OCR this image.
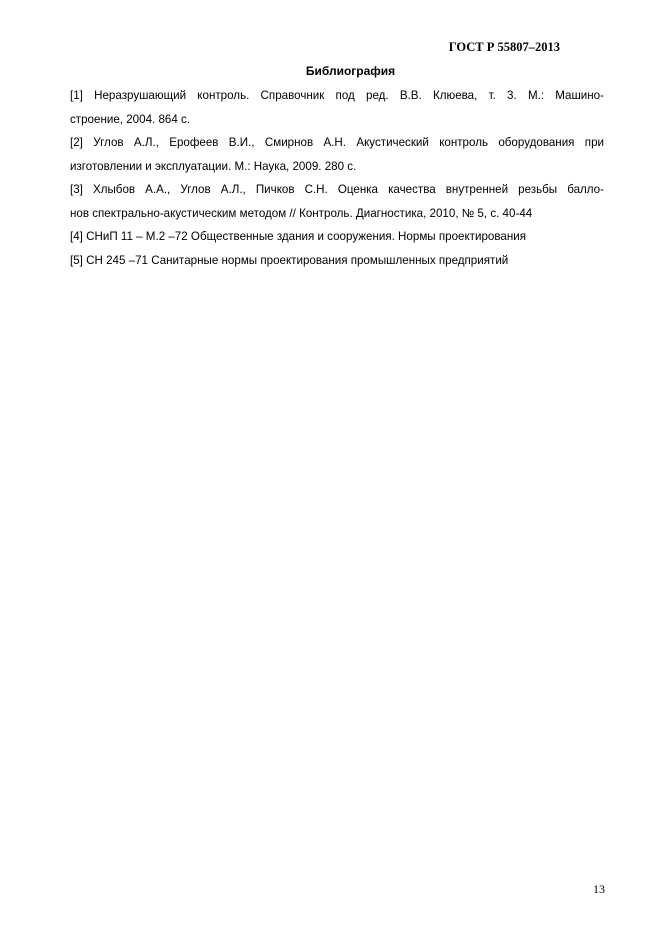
ГОСТ Р 55807–2013
Библиография
[1] Неразрушающий контроль. Справочник под ред. В.В. Клюева, т. 3. М.: Машино-
строение, 2004. 864 с.
[2] Углов А.Л., Ерофеев В.И., Смирнов А.Н. Акустический контроль оборудования при
изготовлении и эксплуатации. М.: Наука, 2009. 280 с.
[3] Хлыбов А.А., Углов А.Л., Пичков С.Н. Оценка качества внутренней резьбы балло-
нов спектрально-акустическим методом // Контроль. Диагностика, 2010, № 5, с. 40-44
[4] СНиП 11 – М.2 –72 Общественные здания и сооружения. Нормы проектирования
[5] СН 245 –71 Санитарные нормы проектирования промышленных предприятий
13
